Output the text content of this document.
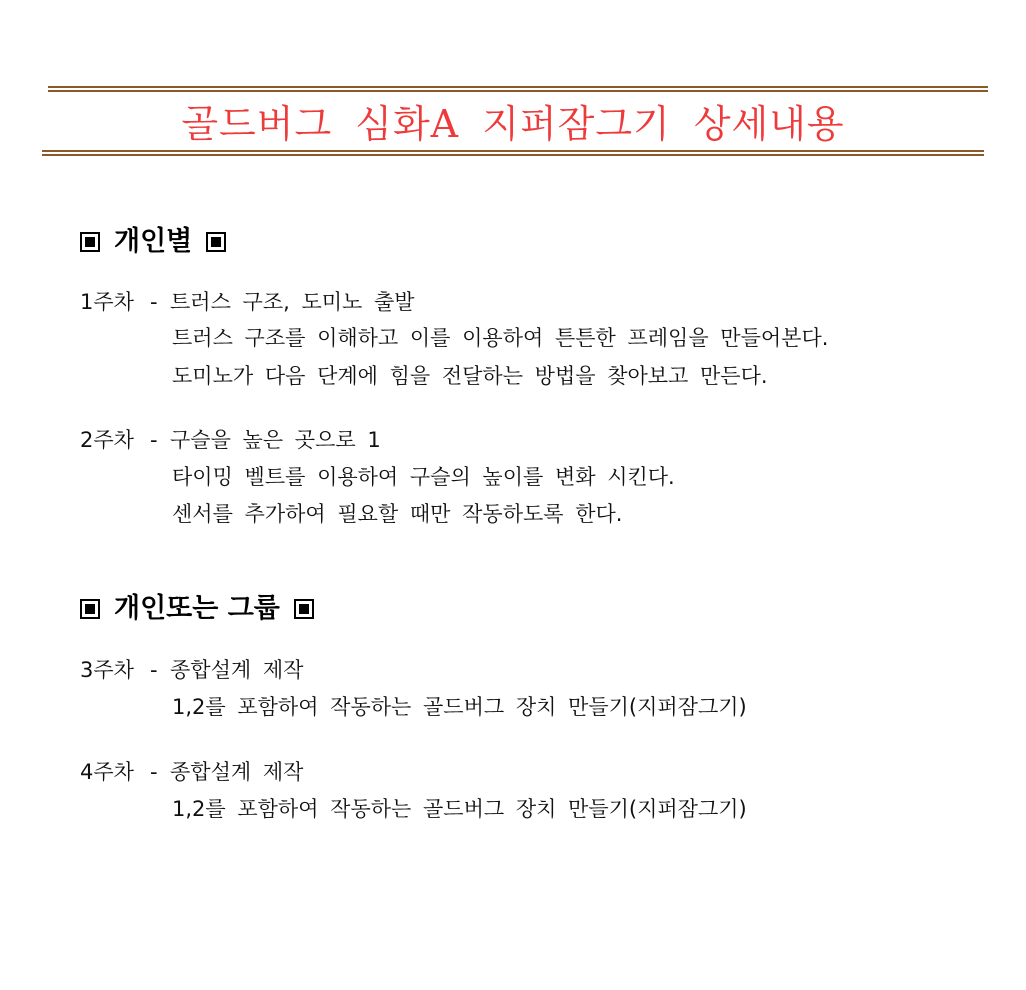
골드버그 심화A 지퍼잠그기 상세내용
개인별
1주차 - 트러스 구조, 도미노 출발
트러스 구조를 이해하고 이를 이용하여 튼튼한 프레임을 만들어본다.
도미노가 다음 단계에 힘을 전달하는 방법을 찾아보고 만든다.
2주차 - 구슬을 높은 곳으로 1
타이밍 벨트를 이용하여 구슬의 높이를 변화 시킨다.
센서를 추가하여 필요할 때만 작동하도록 한다.
개인또는 그룹
3주차 - 종합설계 제작
1,2를 포함하여 작동하는 골드버그 장치 만들기(지퍼잠그기)
4주차 - 종합설계 제작
1,2를 포함하여 작동하는 골드버그 장치 만들기(지퍼잠그기)
